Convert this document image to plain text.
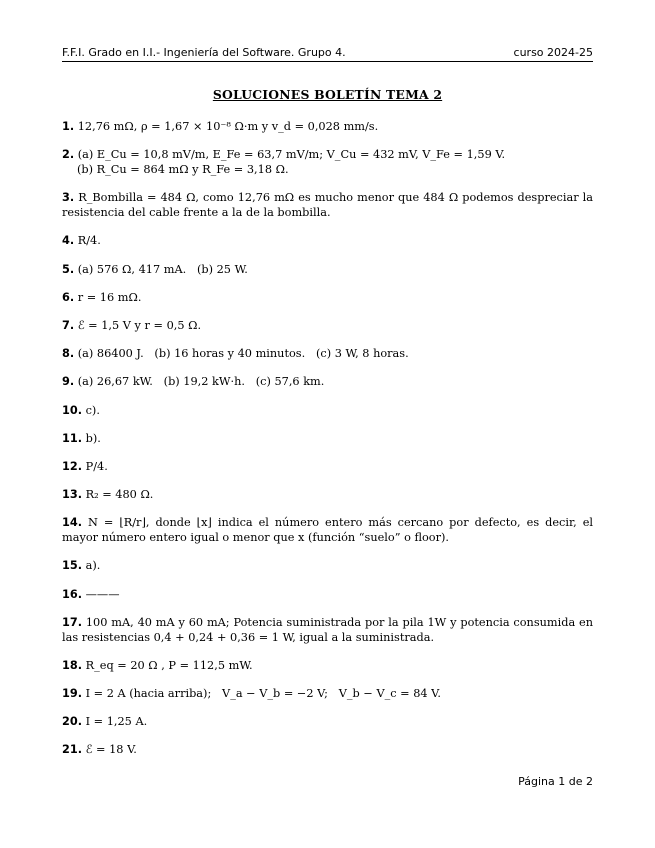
F.F.I. Grado en I.I.- Ingeniería del Software. Grupo 4.	curso 2024-25
SOLUCIONES BOLETÍN TEMA 2
1. 12,76 mΩ, ρ = 1,67 × 10⁻⁸ Ω·m y v_d = 0,028 mm/s.
2. (a) E_Cu = 10,8 mV/m, E_Fe = 63,7 mV/m; V_Cu = 432 mV, V_Fe = 1,59 V.
(b) R_Cu = 864 mΩ y R_Fe = 3,18 Ω.
3. R_Bombilla = 484 Ω, como 12,76 mΩ es mucho menor que 484 Ω podemos despreciar la resistencia del cable frente a la de la bombilla.
4. R/4.
5. (a) 576 Ω, 417 mA.   (b) 25 W.
6. r = 16 mΩ.
7. ℰ = 1,5 V y r = 0,5 Ω.
8. (a) 86400 J.   (b) 16 horas y 40 minutos.   (c) 3 W, 8 horas.
9. (a) 26,67 kW.   (b) 19,2 kW·h.   (c) 57,6 km.
10. c).
11. b).
12. P/4.
13. R₂ = 480 Ω.
14. N = ⌊R/r⌋, donde ⌊x⌋ indica el número entero más cercano por defecto, es decir, el mayor número entero igual o menor que x (función “suelo” o floor).
15. a).
16. ———
17. 100 mA, 40 mA y 60 mA; Potencia suministrada por la pila 1W y potencia consumida en las resistencias 0,4 + 0,24 + 0,36 = 1 W, igual a la suministrada.
18. R_eq = 20 Ω , P = 112,5 mW.
19. I = 2 A (hacia arriba);   V_a − V_b = −2 V;   V_b − V_c = 84 V.
20. I = 1,25 A.
21. ℰ = 18 V.
Página 1 de 2
